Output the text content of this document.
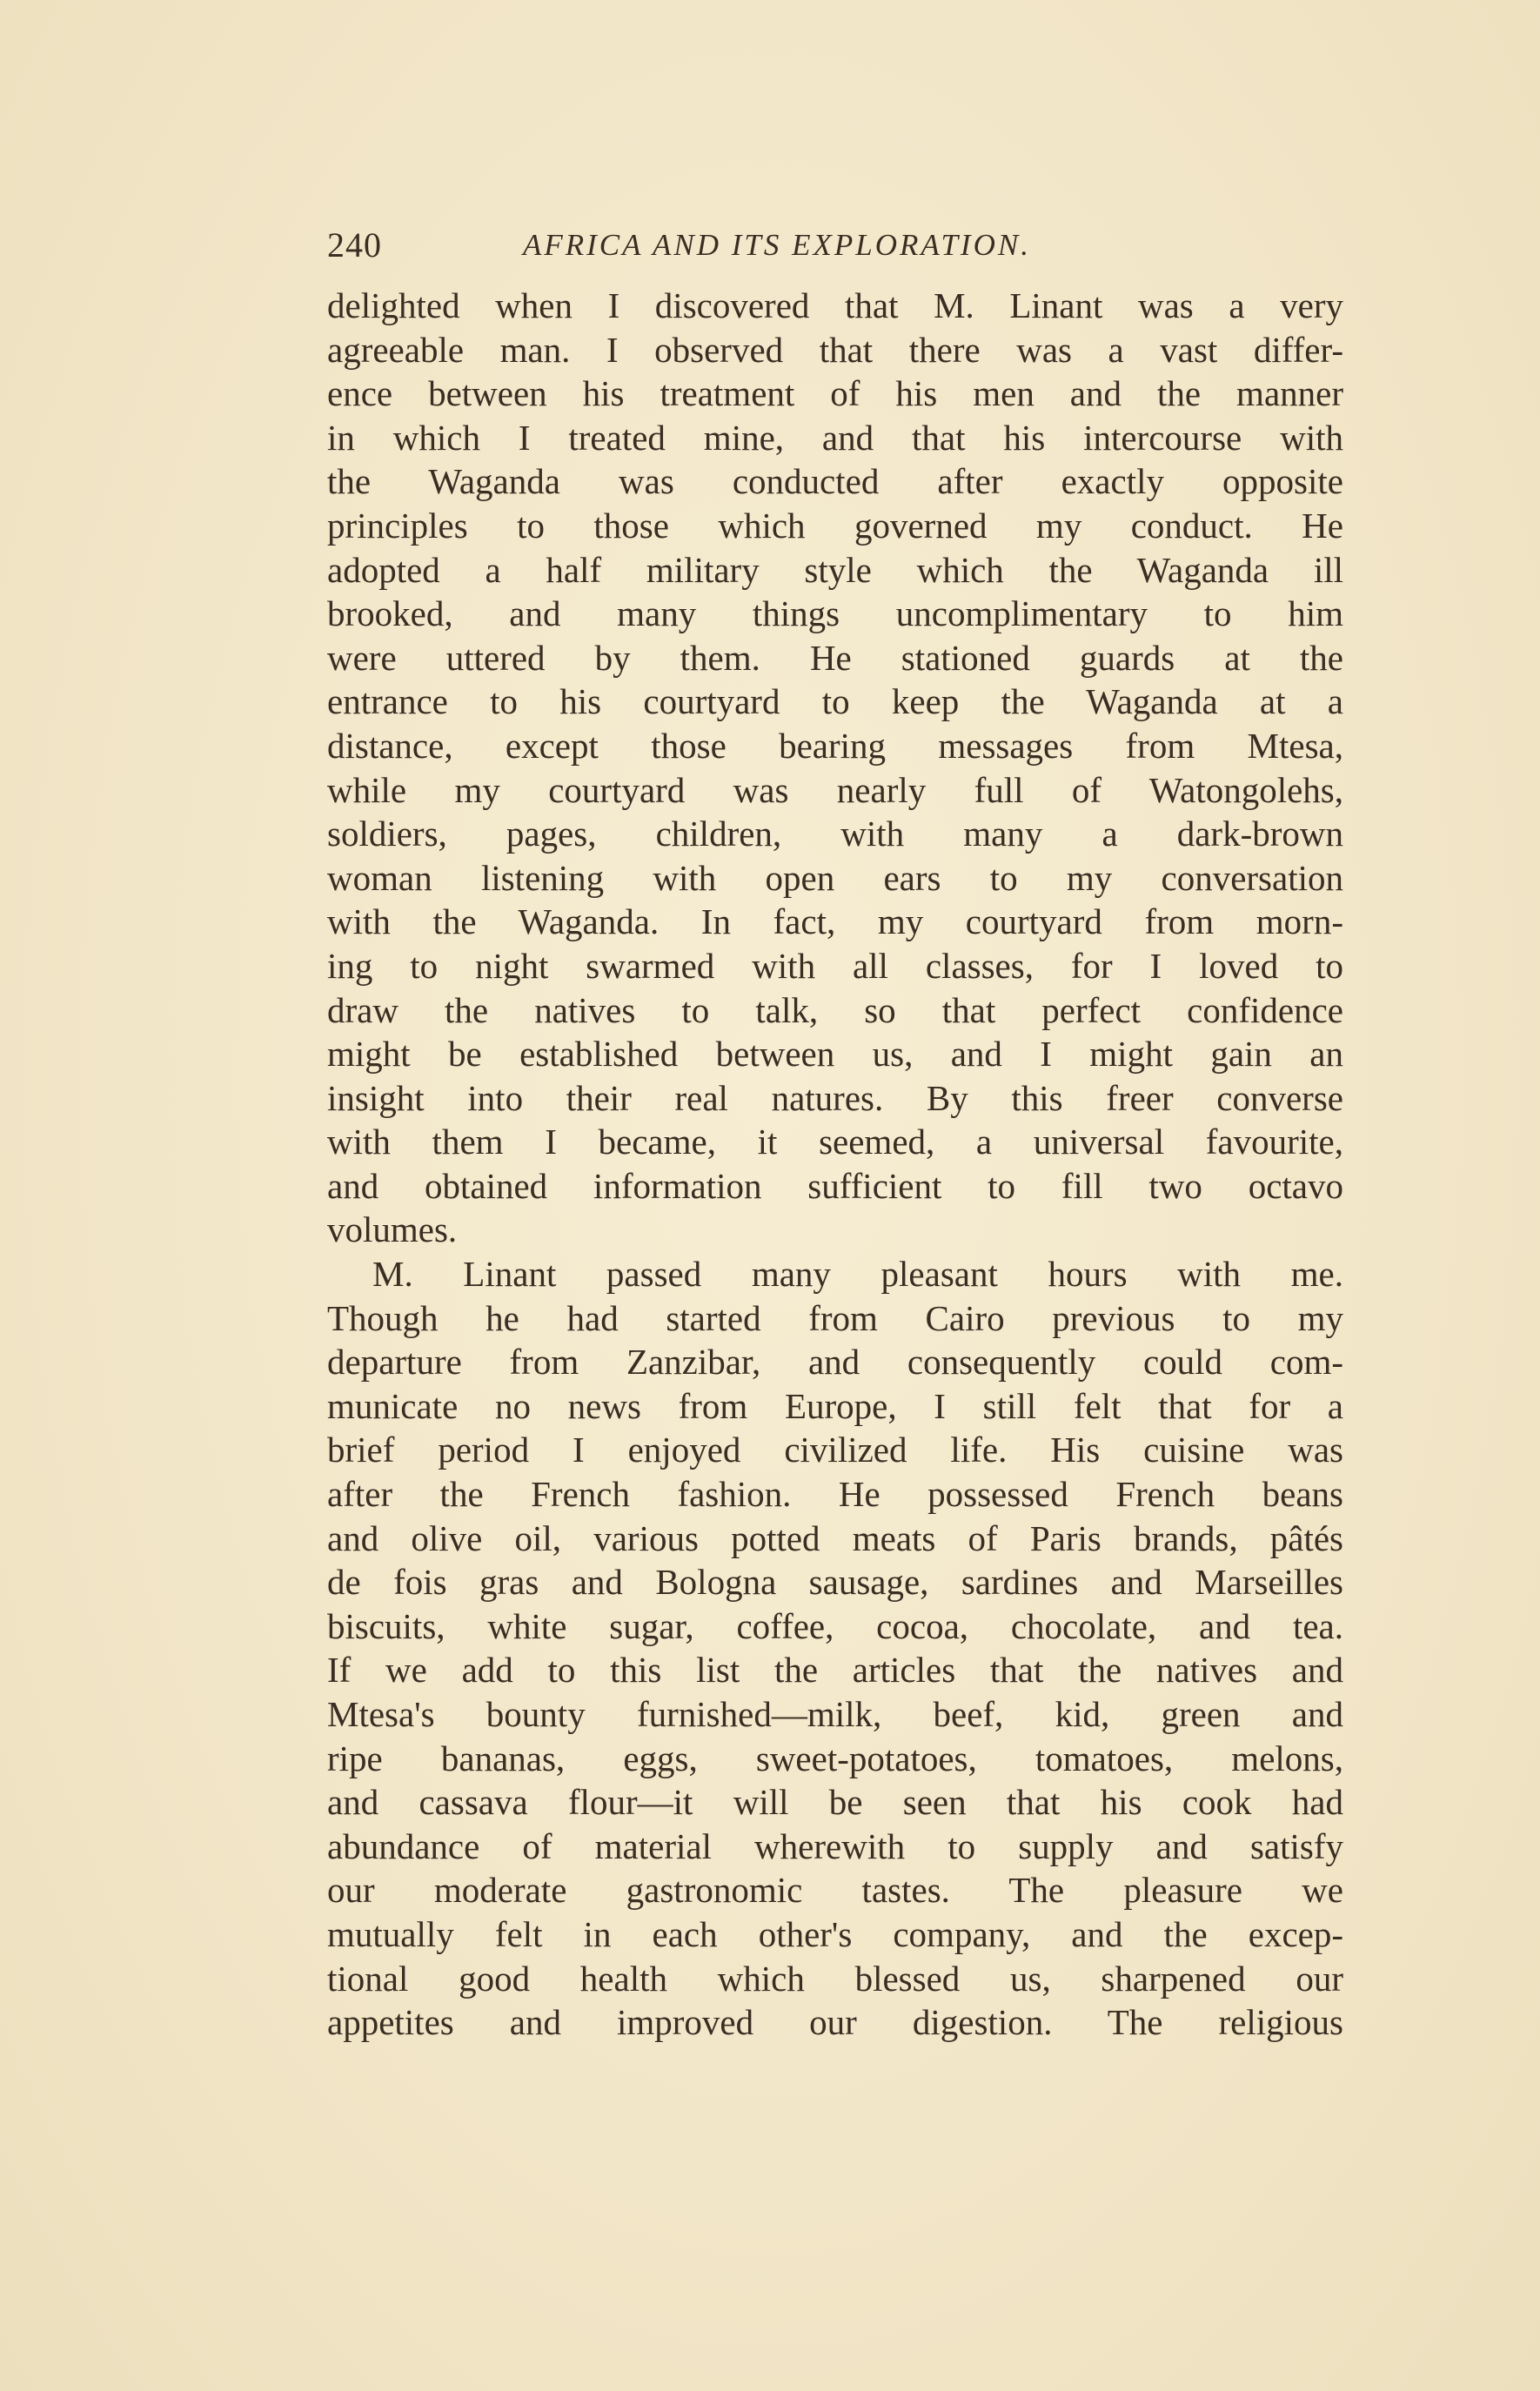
240	AFRICA AND ITS EXPLORATION.
delighted when I discovered that M. Linant was a very
agreeable man. I observed that there was a vast differ-
ence between his treatment of his men and the manner
in which I treated mine, and that his intercourse with
the Waganda was conducted after exactly opposite
principles to those which governed my conduct. He
adopted a half military style which the Waganda ill
brooked, and many things uncomplimentary to him
were uttered by them. He stationed guards at the
entrance to his courtyard to keep the Waganda at a
distance, except those bearing messages from Mtesa,
while my courtyard was nearly full of Watongolehs,
soldiers, pages, children, with many a dark-brown
woman listening with open ears to my conversation
with the Waganda. In fact, my courtyard from morn-
ing to night swarmed with all classes, for I loved to
draw the natives to talk, so that perfect confidence
might be established between us, and I might gain an
insight into their real natures. By this freer converse
with them I became, it seemed, a universal favourite,
and obtained information sufficient to fill two octavo
volumes.
M. Linant passed many pleasant hours with me.
Though he had started from Cairo previous to my
departure from Zanzibar, and consequently could com-
municate no news from Europe, I still felt that for a
brief period I enjoyed civilized life. His cuisine was
after the French fashion. He possessed French beans
and olive oil, various potted meats of Paris brands, pâtés
de fois gras and Bologna sausage, sardines and Marseilles
biscuits, white sugar, coffee, cocoa, chocolate, and tea.
If we add to this list the articles that the natives and
Mtesa's bounty furnished—milk, beef, kid, green and
ripe bananas, eggs, sweet-potatoes, tomatoes, melons,
and cassava flour—it will be seen that his cook had
abundance of material wherewith to supply and satisfy
our moderate gastronomic tastes. The pleasure we
mutually felt in each other's company, and the excep-
tional good health which blessed us, sharpened our
appetites and improved our digestion. The religious
